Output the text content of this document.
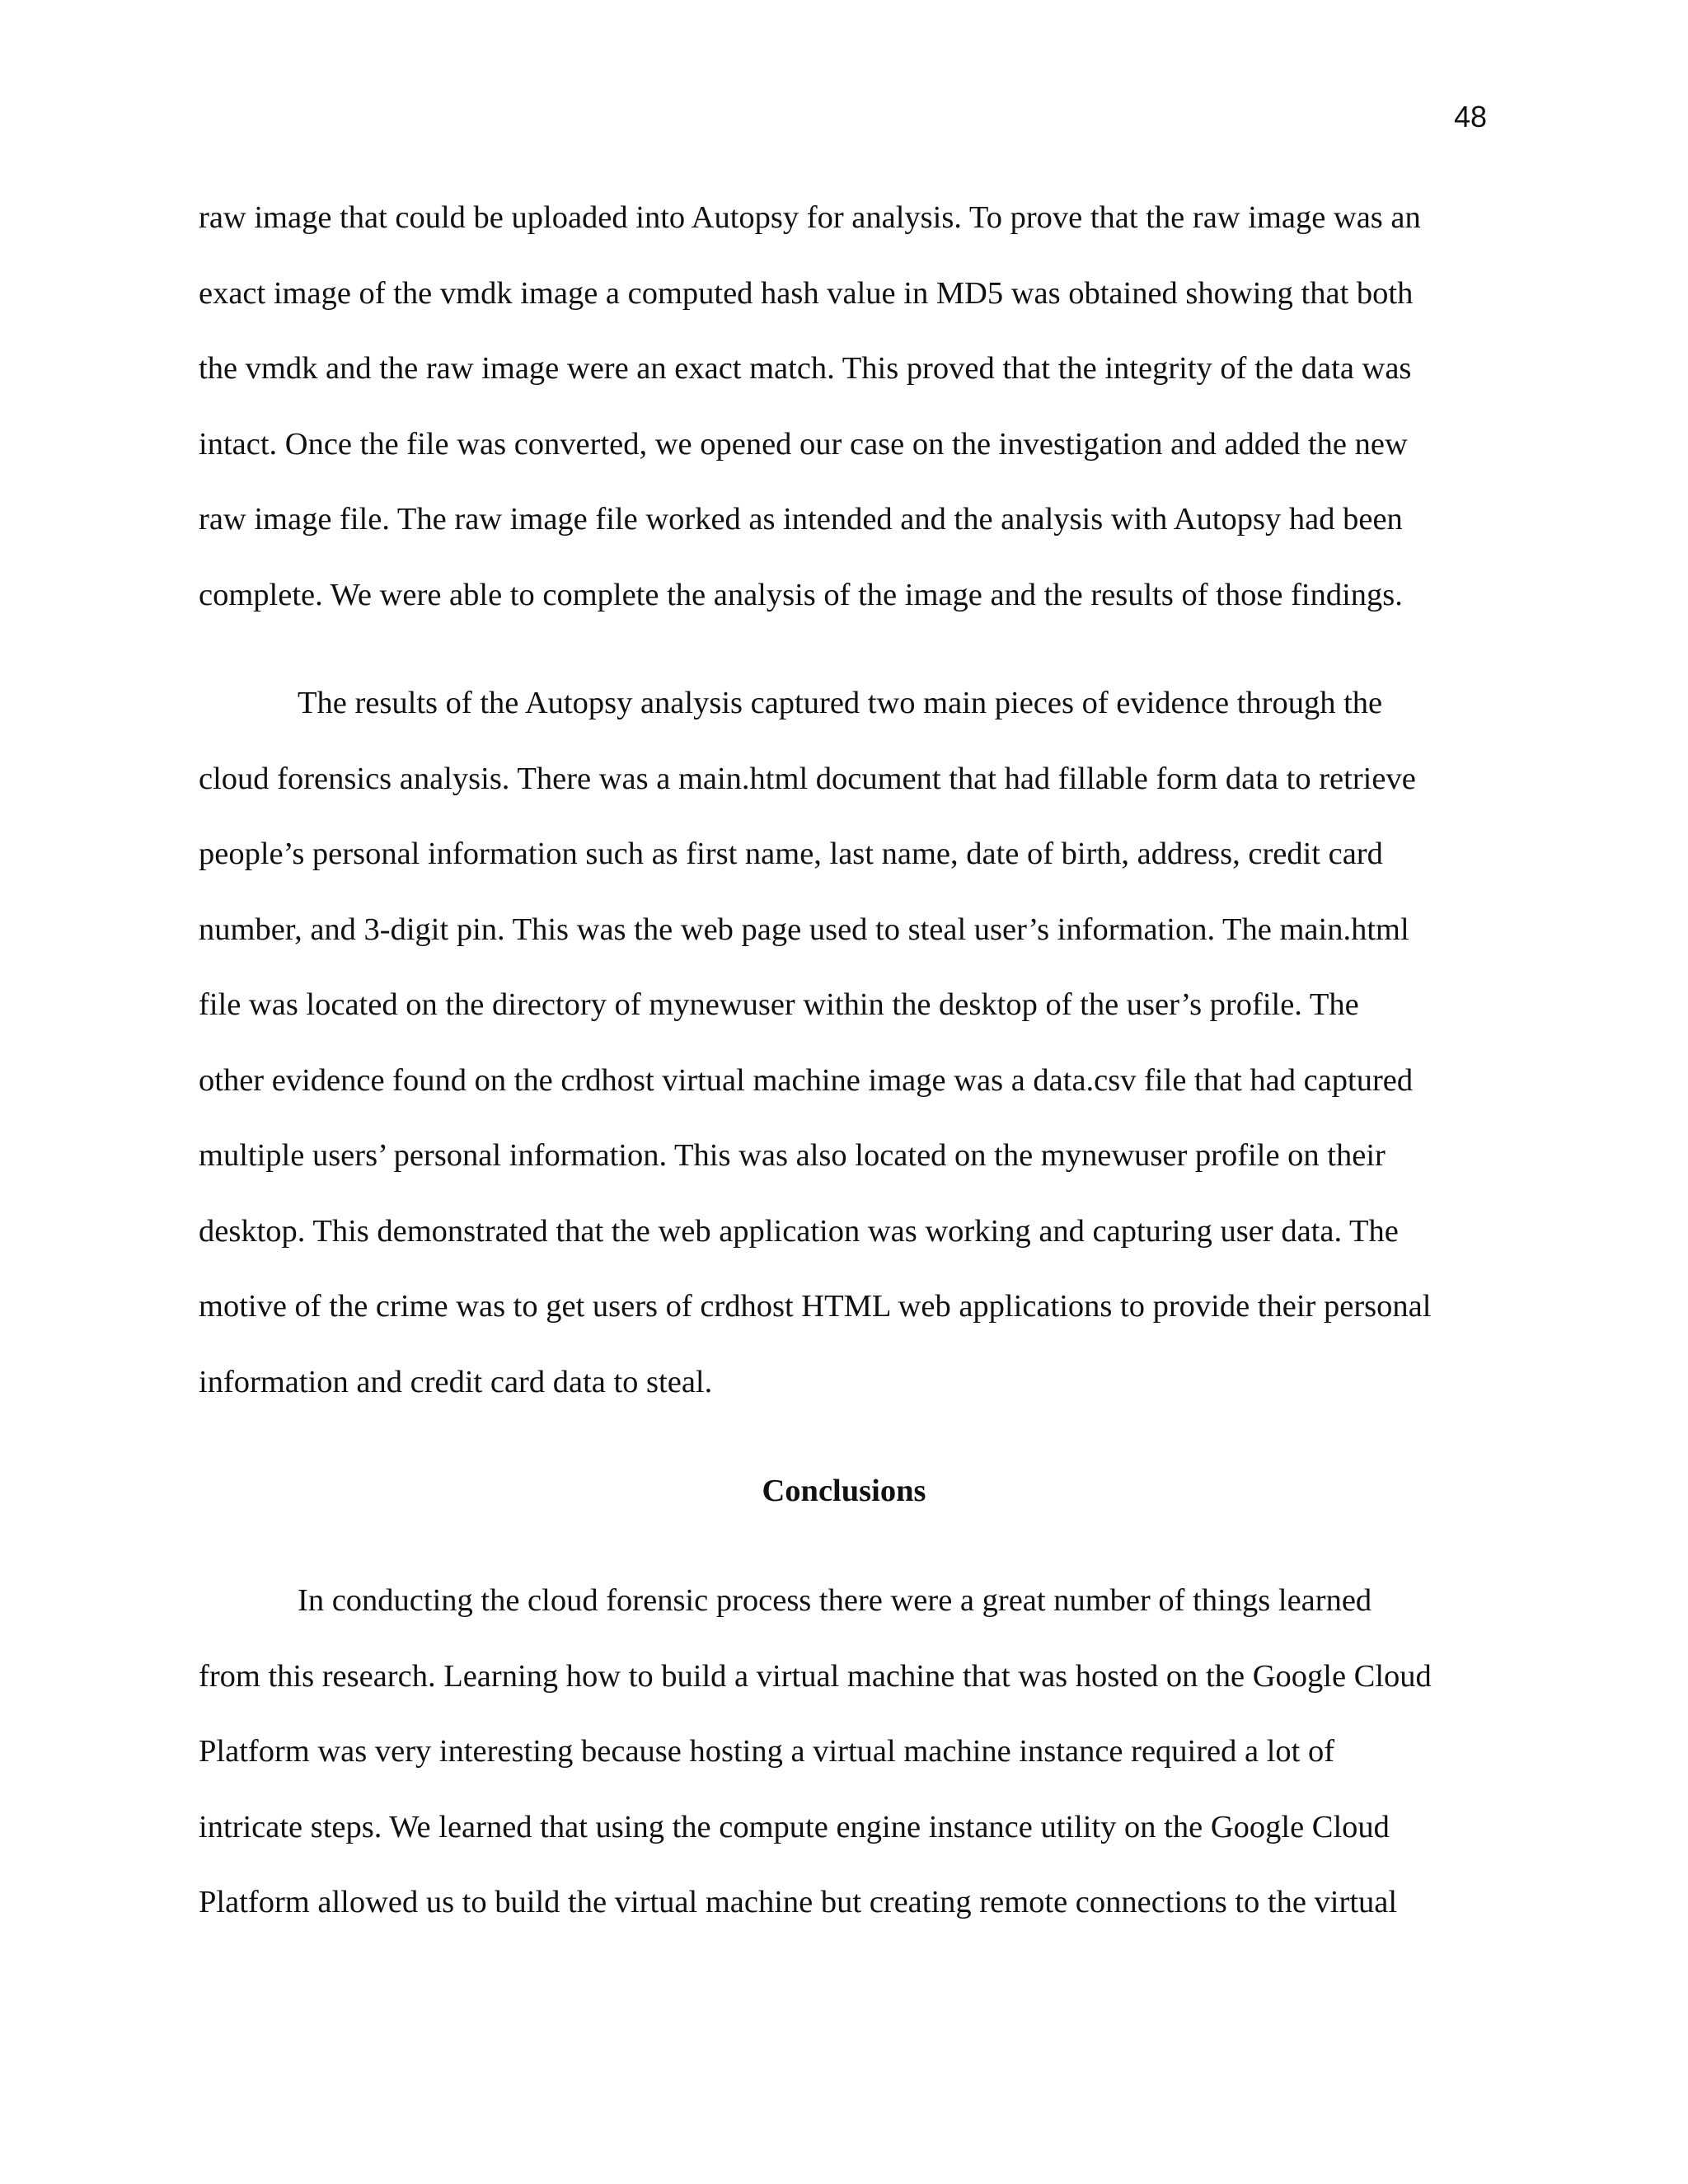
48
raw image that could be uploaded into Autopsy for analysis. To prove that the raw image was an
exact image of the vmdk image a computed hash value in MD5 was obtained showing that both
the vmdk and the raw image were an exact match. This proved that the integrity of the data was
intact. Once the file was converted, we opened our case on the investigation and added the new
raw image file. The raw image file worked as intended and the analysis with Autopsy had been
complete. We were able to complete the analysis of the image and the results of those findings.
The results of the Autopsy analysis captured two main pieces of evidence through the
cloud forensics analysis. There was a main.html document that had fillable form data to retrieve
people’s personal information such as first name, last name, date of birth, address, credit card
number, and 3-digit pin. This was the web page used to steal user’s information. The main.html
file was located on the directory of mynewuser within the desktop of the user’s profile. The
other evidence found on the crdhost virtual machine image was a data.csv file that had captured
multiple users’ personal information. This was also located on the mynewuser profile on their
desktop. This demonstrated that the web application was working and capturing user data. The
motive of the crime was to get users of crdhost HTML web applications to provide their personal
information and credit card data to steal.
Conclusions
In conducting the cloud forensic process there were a great number of things learned
from this research. Learning how to build a virtual machine that was hosted on the Google Cloud
Platform was very interesting because hosting a virtual machine instance required a lot of
intricate steps. We learned that using the compute engine instance utility on the Google Cloud
Platform allowed us to build the virtual machine but creating remote connections to the virtual
